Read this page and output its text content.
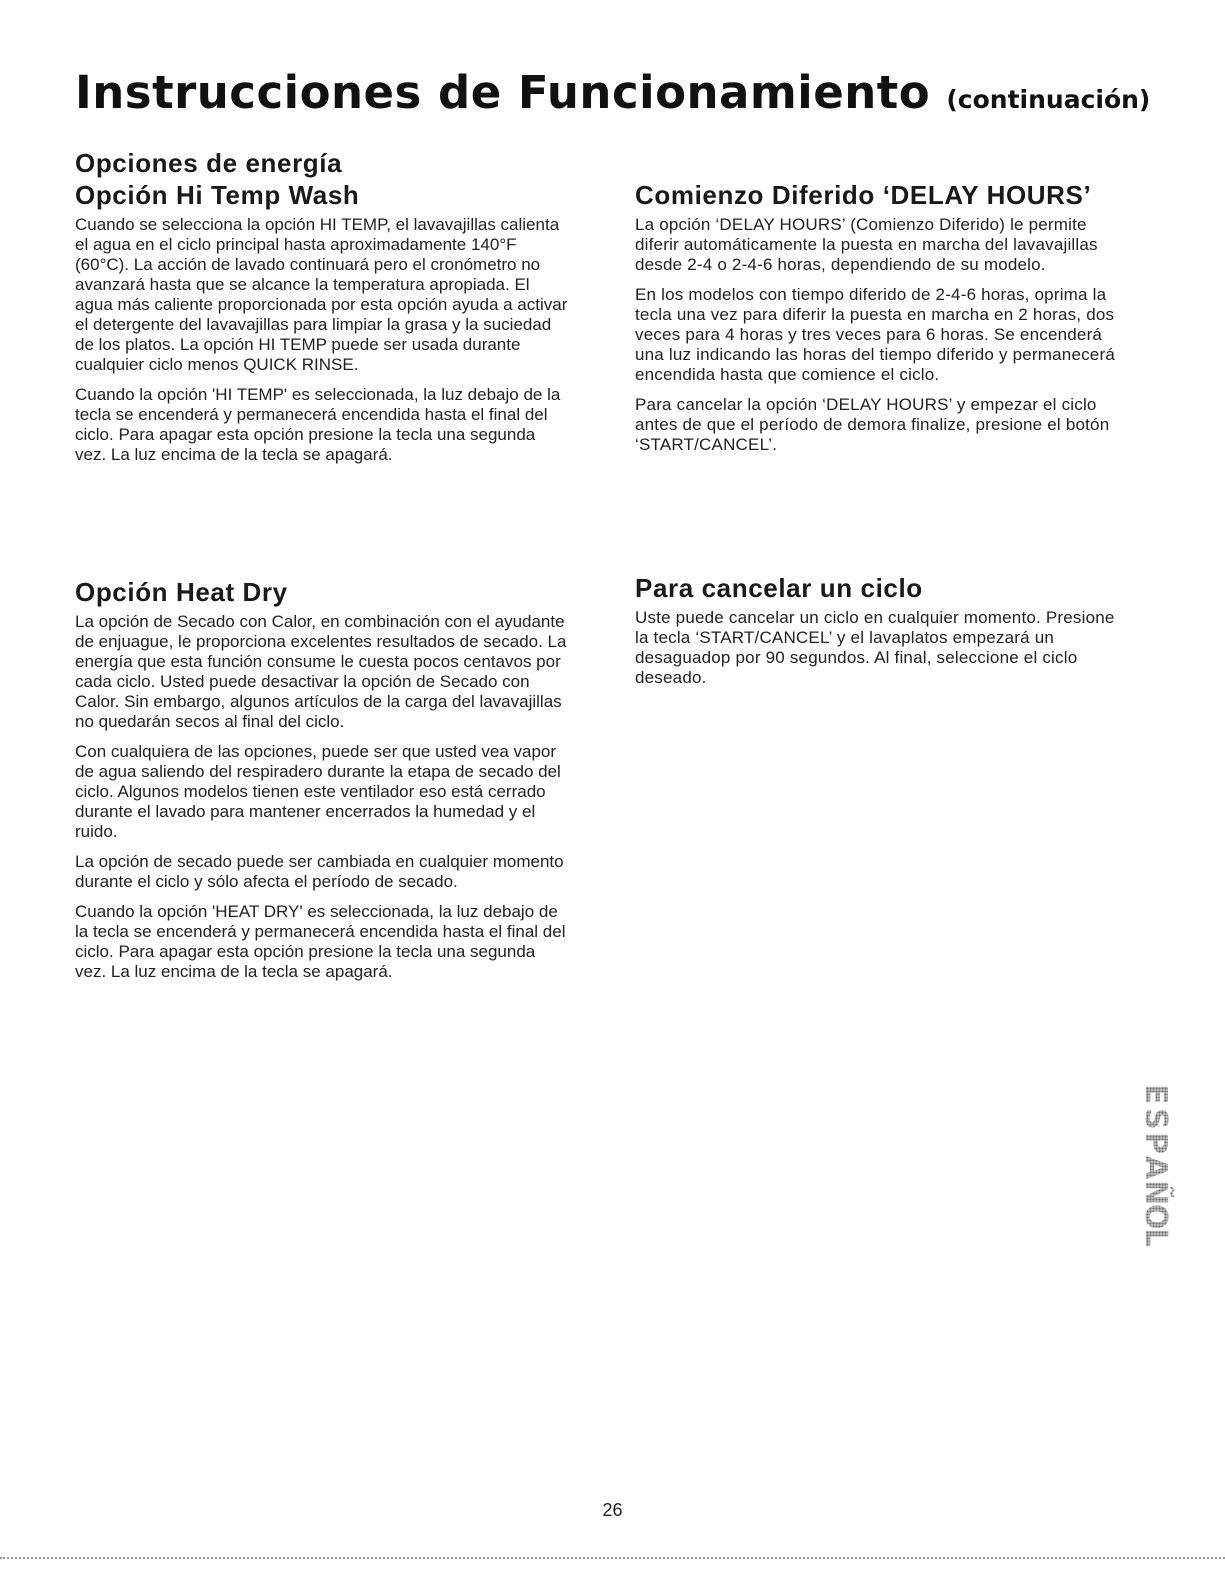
Instrucciones de Funcionamiento (continuación)
Opciones de energía
Opción Hi Temp Wash

Cuando se selecciona la opción HI TEMP, el lavavajillas calienta el agua en el ciclo principal hasta aproximadamente 140°F (60°C). La acción de lavado continuará pero el cronómetro no avanzará hasta que se alcance la temperatura apropiada. El agua más caliente proporcionada por esta opción ayuda a activar el detergente del lavavajillas para limpiar la grasa y la suciedad de los platos. La opción HI TEMP puede ser usada durante cualquier ciclo menos QUICK RINSE.

Cuando la opción 'HI TEMP' es seleccionada, la luz debajo de la tecla se encenderá y permanecerá encendida hasta el final del ciclo. Para apagar esta opción presione la tecla una segunda vez. La luz encima de la tecla se apagará.

Opción Heat Dry

La opción de Secado con Calor, en combinación con el ayudante de enjuague, le proporciona excelentes resultados de secado. La energía que esta función consume le cuesta pocos centavos por cada ciclo. Usted puede desactivar la opción de Secado con Calor. Sin embargo, algunos artículos de la carga del lavavajillas no quedarán secos al final del ciclo.

Con cualquiera de las opciones, puede ser que usted vea vapor de agua saliendo del respiradero durante la etapa de secado del ciclo. Algunos modelos tienen este ventilador eso está cerrado durante el lavado para mantener encerrados la humedad y el ruido.

La opción de secado puede ser cambiada en cualquier momento durante el ciclo y sólo afecta el período de secado.

Cuando la opción 'HEAT DRY' es seleccionada, la luz debajo de la tecla se encenderá y permanecerá encendida hasta el final del ciclo. Para apagar esta opción presione la tecla una segunda vez. La luz encima de la tecla se apagará.

Comienzo Diferido ‘DELAY HOURS’

La opción ‘DELAY HOURS’ (Comienzo Diferido) le permite diferir automáticamente la puesta en marcha del lavavajillas desde 2-4 o 2-4-6 horas, dependiendo de su modelo.

En los modelos con tiempo diferido de 2-4-6 horas, oprima la tecla una vez para diferir la puesta en marcha en 2 horas, dos veces para 4 horas y tres veces para 6 horas. Se encenderá una luz indicando las horas del tiempo diferido y permanecerá encendida hasta que comience el ciclo.

Para cancelar la opción ‘DELAY HOURS’ y empezar el ciclo antes de que el período de demora finalize, presione el botón ‘START/CANCEL’.

Para cancelar un ciclo

Uste puede cancelar un ciclo en cualquier momento. Presione la tecla ‘START/CANCEL’ y el lavaplatos empezará un desaguadop por 90 segundos. Al final, seleccione el ciclo deseado.

E
S
P
A
Ñ
O
L
26
